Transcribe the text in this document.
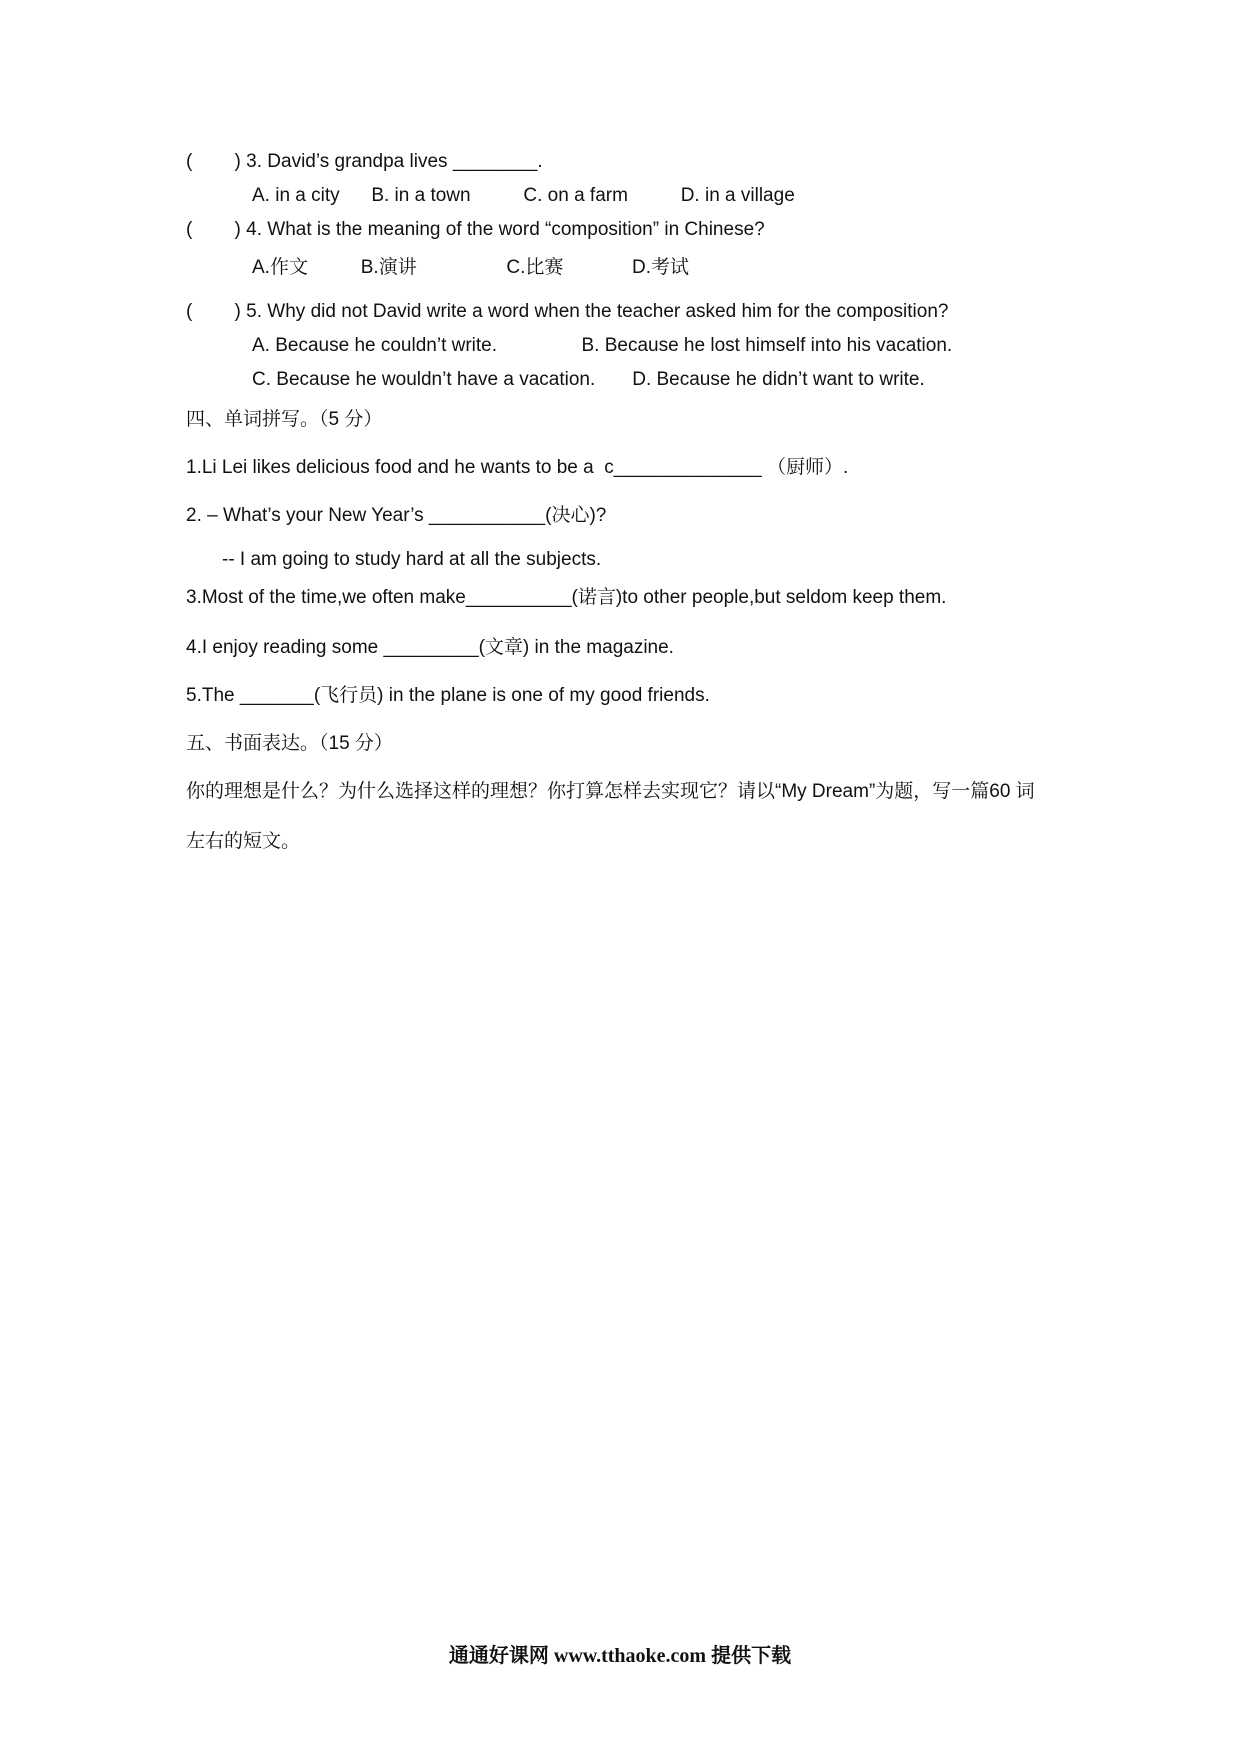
(        ) 3. David’s grandpa lives ________.
A. in a city      B. in a town          C. on a farm          D. in a village
(        ) 4. What is the meaning of the word “composition” in Chinese?
A.作文          B.演讲                 C.比赛             D.考试
(        ) 5. Why did not David write a word when the teacher asked him for the composition?
A. Because he couldn’t write.                B. Because he lost himself into his vacation.
C. Because he wouldn’t have a vacation.       D. Because he didn’t want to write.
四、单词拼写。（5 分）
1.Li Lei likes delicious food and he wants to be a  c______________ （厨师）.
2. – What’s your New Year’s ___________(决心)?
-- I am going to study hard at all the subjects.
3.Most of the time,we often make__________(诺言)to other people,but seldom keep them.
4.I enjoy reading some _________(文章) in the magazine.
5.The _______(飞行员) in the plane is one of my good friends.
五、书面表达。（15 分）
你的理想是什么？为什么选择这样的理想？你打算怎样去实现它？请以“My Dream”为题，写一篇60 词
左右的短文。
通通好课网 www.tthaoke.com 提供下载
